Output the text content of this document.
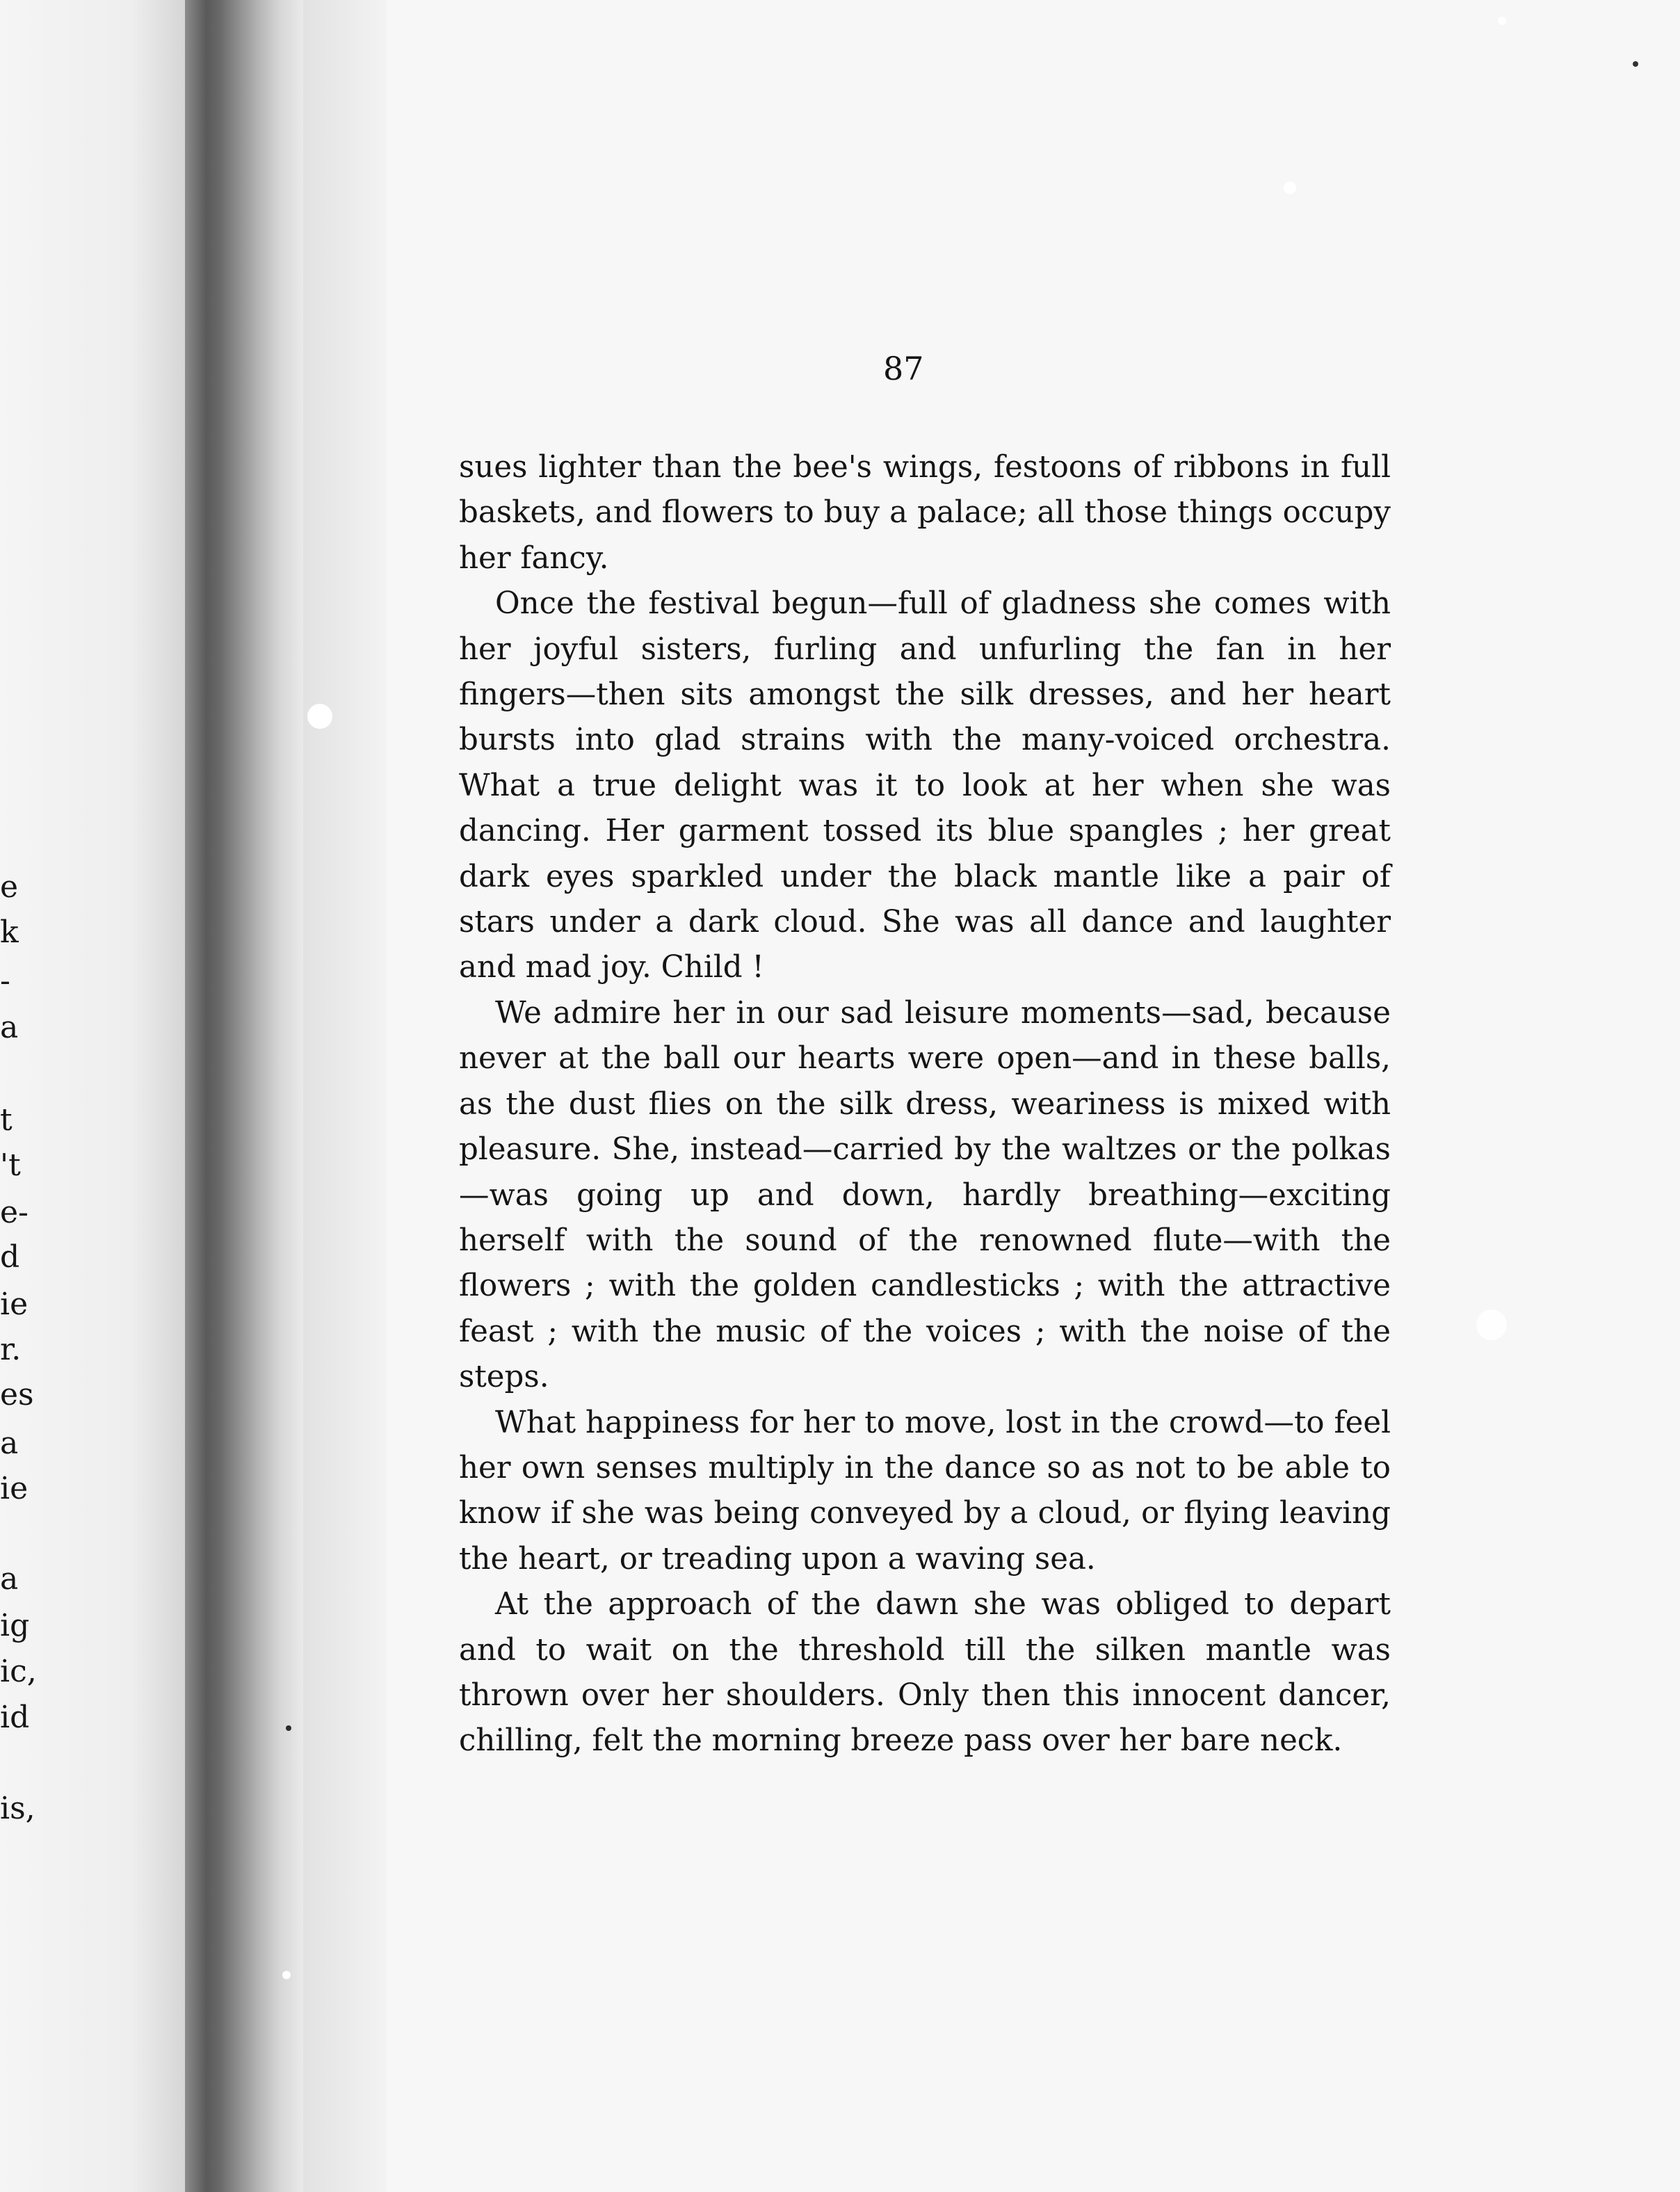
e
k
-
a
t
't
e-
d
ie
r.
es
a
ie
a
ig
ic,
id
is,
87

sues lighter than the bee's wings, festoons of ribbons in full baskets, and flowers to buy a palace; all those things occupy her fancy.

Once the festival begun—full of gladness she comes with her joyful sisters, furling and unfurling the fan in her fingers—then sits amongst the silk dresses, and her heart bursts into glad strains with the many-voiced orchestra. What a true delight was it to look at her when she was dancing. Her garment tossed its blue spangles ; her great dark eyes sparkled under the black mantle like a pair of stars under a dark cloud. She was all dance and laughter and mad joy. Child !

We admire her in our sad leisure moments—sad, because never at the ball our hearts were open—and in these balls, as the dust flies on the silk dress, weariness is mixed with pleasure. She, instead—carried by the waltzes or the polkas—was going up and down, hardly breathing—exciting herself with the sound of the renowned flute—with the flowers ; with the golden candlesticks ; with the attractive feast ; with the music of the voices ; with the noise of the steps.

What happiness for her to move, lost in the crowd—to feel her own senses multiply in the dance so as not to be able to know if she was being conveyed by a cloud, or flying leaving the heart, or treading upon a waving sea.

At the approach of the dawn she was obliged to depart and to wait on the threshold till the silken mantle was thrown over her shoulders. Only then this innocent dancer, chilling, felt the morning breeze pass over her bare neck.
